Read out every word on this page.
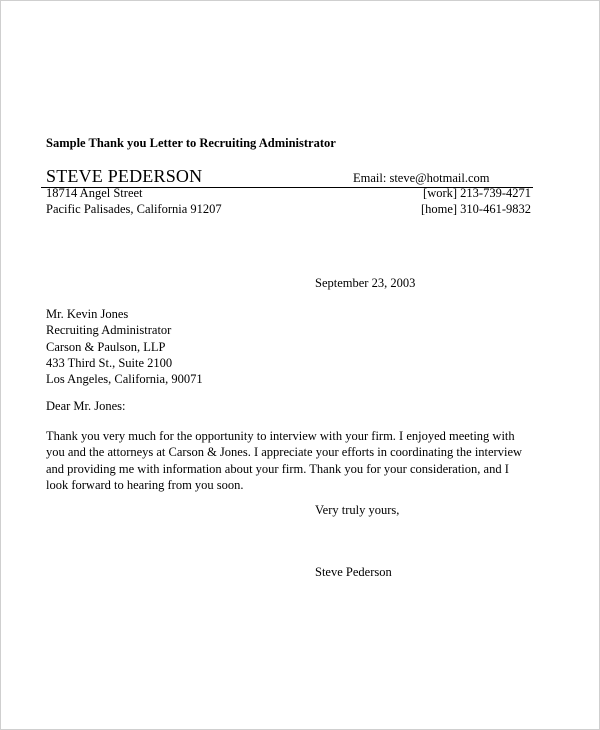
Sample Thank you Letter to Recruiting Administrator
STEVE PEDERSON	Email: steve@hotmail.com
18714 Angel Street
Pacific Palisades, California 91207
[work] 213-739-4271
[home] 310-461-9832
September 23, 2003
Mr. Kevin Jones
Recruiting Administrator
Carson & Paulson, LLP
433 Third St., Suite 2100
Los Angeles, California, 90071
Dear Mr. Jones:
Thank you very much for the opportunity to interview with your firm. I enjoyed meeting with
you and the attorneys at Carson & Jones. I appreciate your efforts in coordinating the interview
and providing me with information about your firm. Thank you for your consideration, and I
look forward to hearing from you soon.
Very truly yours,
Steve Pederson
